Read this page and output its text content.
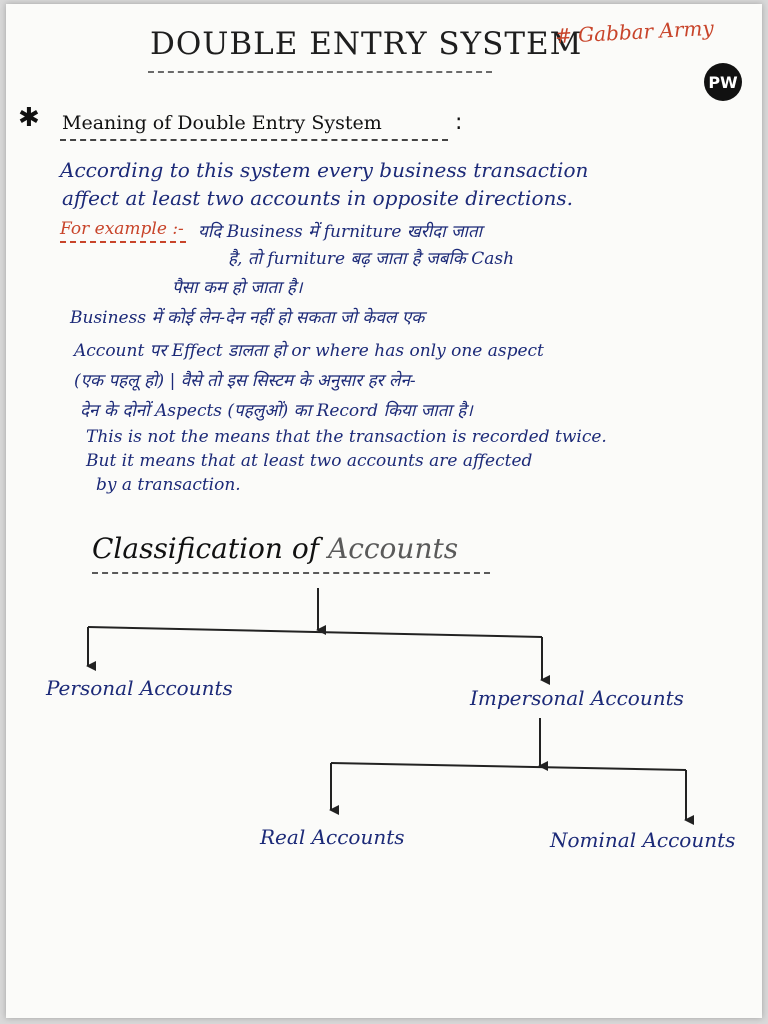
DOUBLE ENTRY SYSTEM
# Gabbar Army
PW
✱ Meaning of Double Entry System	:
According to this system every business transaction
affect at least two accounts in opposite directions.
For example :- यदि Business में furniture खरीदा जाता
है, तो furniture बढ़ जाता है जबकि Cash
पैसा कम हो जाता है।
Business में कोई लेन-देन नहीं हो सकता जो केवल एक
Account पर Effect डालता हो or where has only one aspect
(एक पहलू हो) | वैसे तो इस सिस्टम के अनुसार हर लेन-
देन के दोनों Aspects (पहलुओं) का Record किया जाता है।
This is not the means that the transaction is recorded twice.
But it means that at least two accounts are affected
by a transaction.
Classification of Accounts
Personal Accounts	Impersonal Accounts
Real Accounts	Nominal Accounts
